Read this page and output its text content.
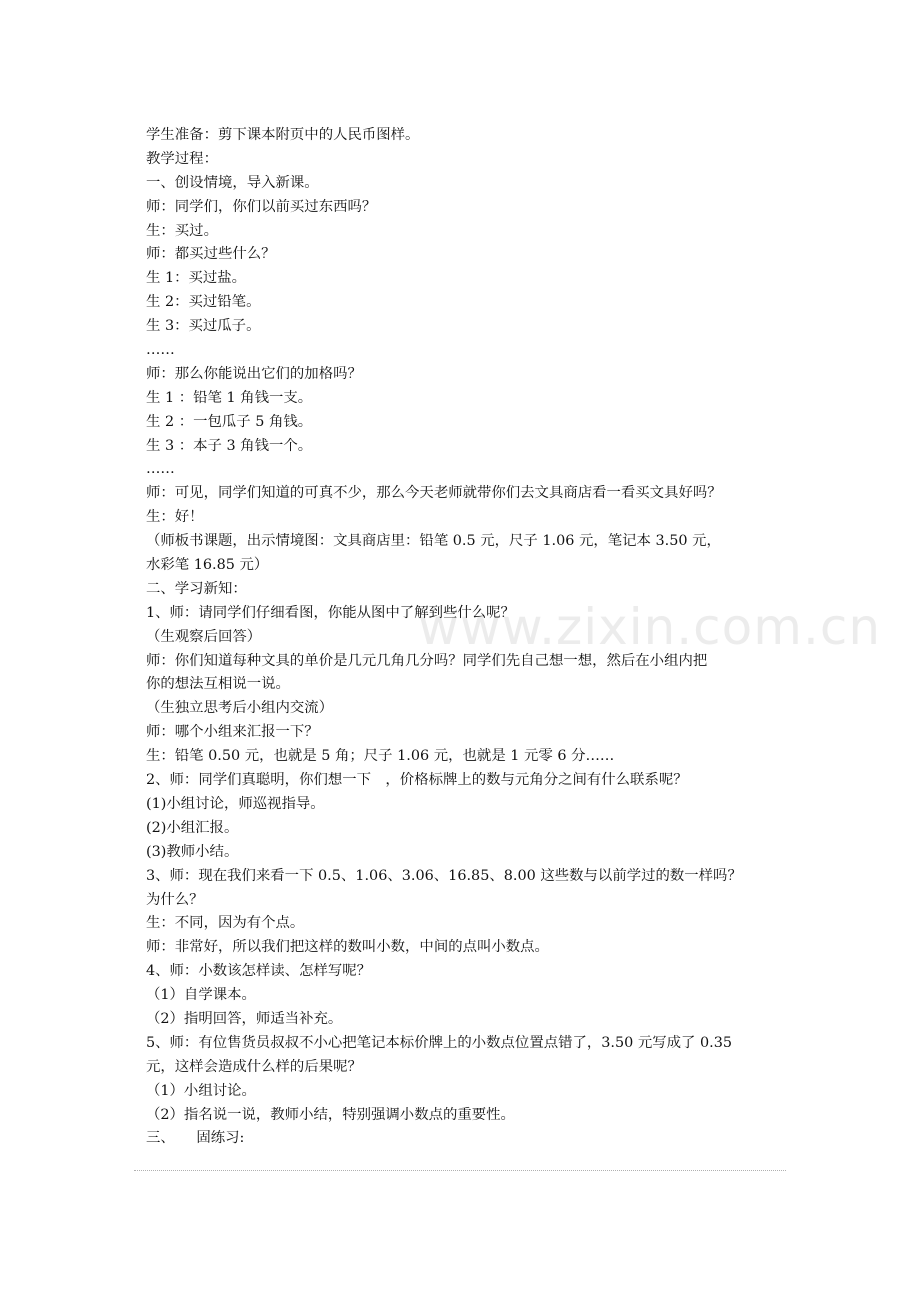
www.zixin.com.cn
学生准备：剪下课本附页中的人民币图样。
教学过程：
一、创设情境，导入新课。
师：同学们，你们以前买过东西吗？
生：买过。
师：都买过些什么？
生 1：买过盐。
生 2：买过铅笔。
生 3：买过瓜子。
……
师：那么你能说出它们的加格吗？
生 1 ：铅笔 1 角钱一支。
生 2 ：一包瓜子 5 角钱。
生 3 ：本子 3 角钱一个。
……
师：可见，同学们知道的可真不少，那么今天老师就带你们去文具商店看一看买文具好吗？
生：好！
（师板书课题，出示情境图：文具商店里：铅笔 0.5 元，尺子 1.06 元，笔记本 3.50 元，
水彩笔 16.85 元）
二、学习新知：
1、师：请同学们仔细看图，你能从图中了解到些什么呢？
（生观察后回答）
师：你们知道每种文具的单价是几元几角几分吗？同学们先自己想一想，然后在小组内把
你的想法互相说一说。
（生独立思考后小组内交流）
师：哪个小组来汇报一下？
生：铅笔 0.50 元，也就是 5 角；尺子 1.06 元，也就是 1 元零 6 分……
2、师：同学们真聪明，你们想一下　，价格标牌上的数与元角分之间有什么联系呢？
(1)小组讨论，师巡视指导。
(2)小组汇报。
(3)教师小结。
3、师：现在我们来看一下 0.5、1.06、3.06、16.85、8.00 这些数与以前学过的数一样吗？
为什么？
生：不同，因为有个点。
师：非常好，所以我们把这样的数叫小数，中间的点叫小数点。
4、师：小数该怎样读、怎样写呢？
（1）自学课本。
（2）指明回答，师适当补充。
5、师：有位售货员叔叔不小心把笔记本标价牌上的小数点位置点错了，3.50 元写成了 0.35
元，这样会造成什么样的后果呢？
（1）小组讨论。
（2）指名说一说，教师小结，特别强调小数点的重要性。
三、　　固练习:
